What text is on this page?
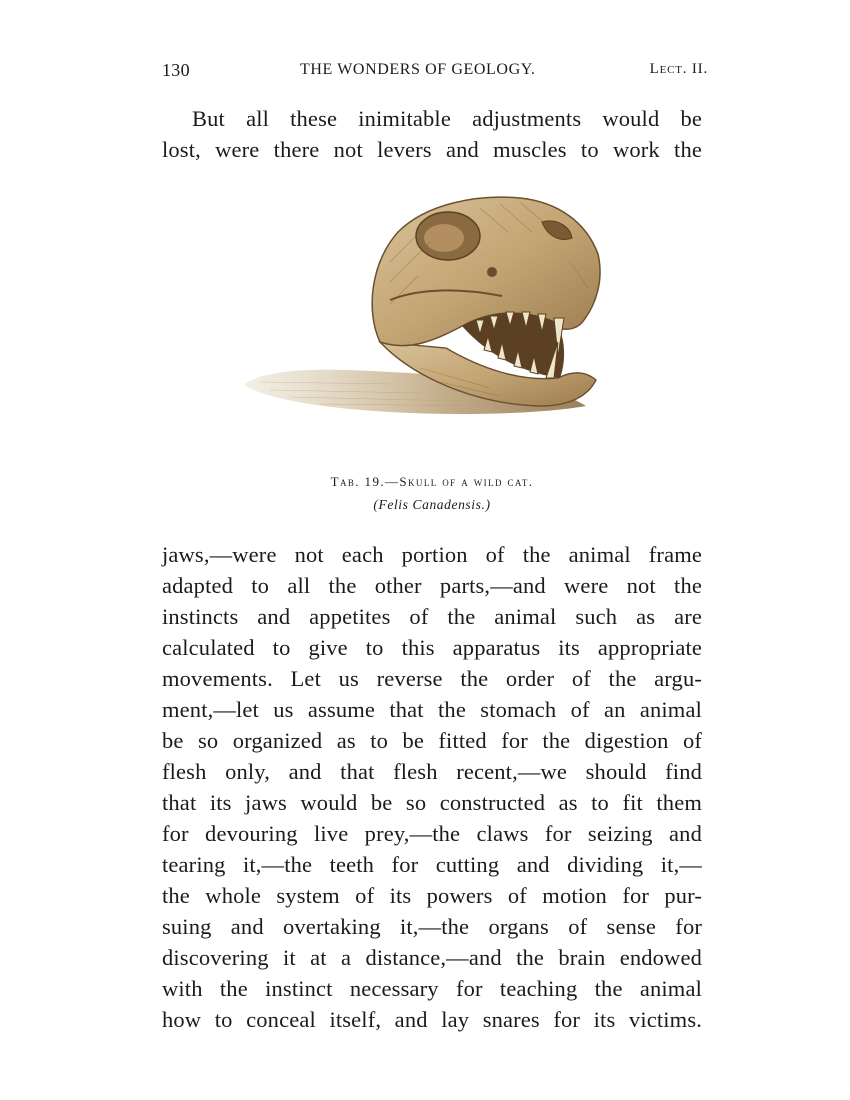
130	THE WONDERS OF GEOLOGY.	Lect. II.
But all these inimitable adjustments would be
lost, were there not levers and muscles to work the
Tab. 19.—Skull of a wild cat.
(Felis Canadensis.)
jaws,—were not each portion of the animal frame
adapted to all the other parts,—and were not the
instincts and appetites of the animal such as are
calculated to give to this apparatus its appropriate
movements. Let us reverse the order of the argu-
ment,—let us assume that the stomach of an animal
be so organized as to be fitted for the digestion of
flesh only, and that flesh recent,—we should find
that its jaws would be so constructed as to fit them
for devouring live prey,—the claws for seizing and
tearing it,—the teeth for cutting and dividing it,—
the whole system of its powers of motion for pur-
suing and overtaking it,—the organs of sense for
discovering it at a distance,—and the brain endowed
with the instinct necessary for teaching the animal
how to conceal itself, and lay snares for its victims.
